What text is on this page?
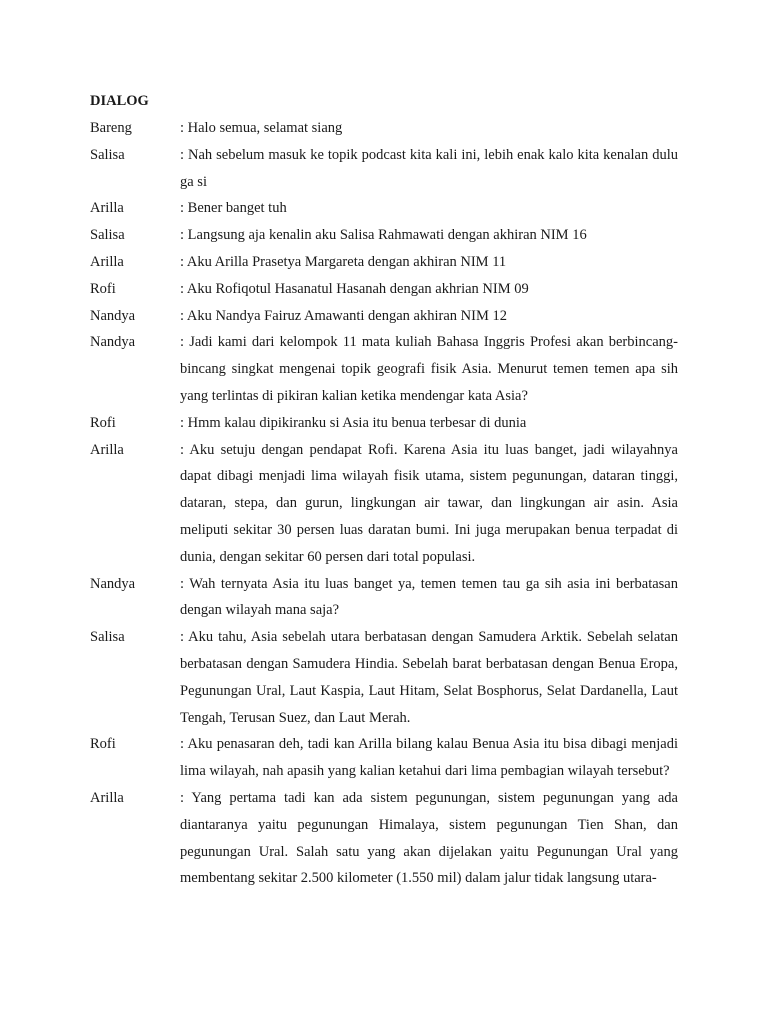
DIALOG
Bareng	: Halo semua, selamat siang
Salisa	: Nah sebelum masuk ke topik podcast kita kali ini, lebih enak kalo kita kenalan dulu ga si
Arilla	: Bener banget tuh
Salisa	: Langsung aja kenalin aku Salisa Rahmawati dengan akhiran NIM 16
Arilla	: Aku Arilla Prasetya Margareta dengan akhiran NIM 11
Rofi	: Aku Rofiqotul Hasanatul Hasanah dengan akhrian NIM 09
Nandya	: Aku Nandya Fairuz Amawanti dengan akhiran NIM 12
Nandya	: Jadi kami dari kelompok 11 mata kuliah Bahasa Inggris Profesi akan berbincang-bincang singkat mengenai topik geografi fisik Asia. Menurut temen temen apa sih yang terlintas di pikiran kalian ketika mendengar kata Asia?
Rofi	: Hmm kalau dipikiranku si Asia itu benua terbesar di dunia
Arilla	: Aku setuju dengan pendapat Rofi. Karena Asia itu luas banget, jadi wilayahnya dapat dibagi menjadi lima wilayah fisik utama, sistem pegunungan, dataran tinggi, dataran, stepa, dan gurun, lingkungan air tawar, dan lingkungan air asin. Asia meliputi sekitar 30 persen luas daratan bumi. Ini juga merupakan benua terpadat di dunia, dengan sekitar 60 persen dari total populasi.
Nandya	: Wah ternyata Asia itu luas banget ya, temen temen tau ga sih asia ini berbatasan dengan wilayah mana saja?
Salisa	: Aku tahu, Asia sebelah utara berbatasan dengan Samudera Arktik. Sebelah selatan berbatasan dengan Samudera Hindia. Sebelah barat berbatasan dengan Benua Eropa, Pegunungan Ural, Laut Kaspia, Laut Hitam, Selat Bosphorus, Selat Dardanella, Laut Tengah, Terusan Suez, dan Laut Merah.
Rofi	: Aku penasaran deh, tadi kan Arilla bilang kalau Benua Asia itu bisa dibagi menjadi lima wilayah, nah apasih yang kalian ketahui dari lima pembagian wilayah tersebut?
Arilla	: Yang pertama tadi kan ada sistem pegunungan, sistem pegunungan yang ada diantaranya yaitu pegunungan Himalaya, sistem pegunungan Tien Shan, dan pegunungan Ural. Salah satu yang akan dijelakan yaitu Pegunungan Ural yang membentang sekitar 2.500 kilometer (1.550 mil) dalam jalur tidak langsung utara-
